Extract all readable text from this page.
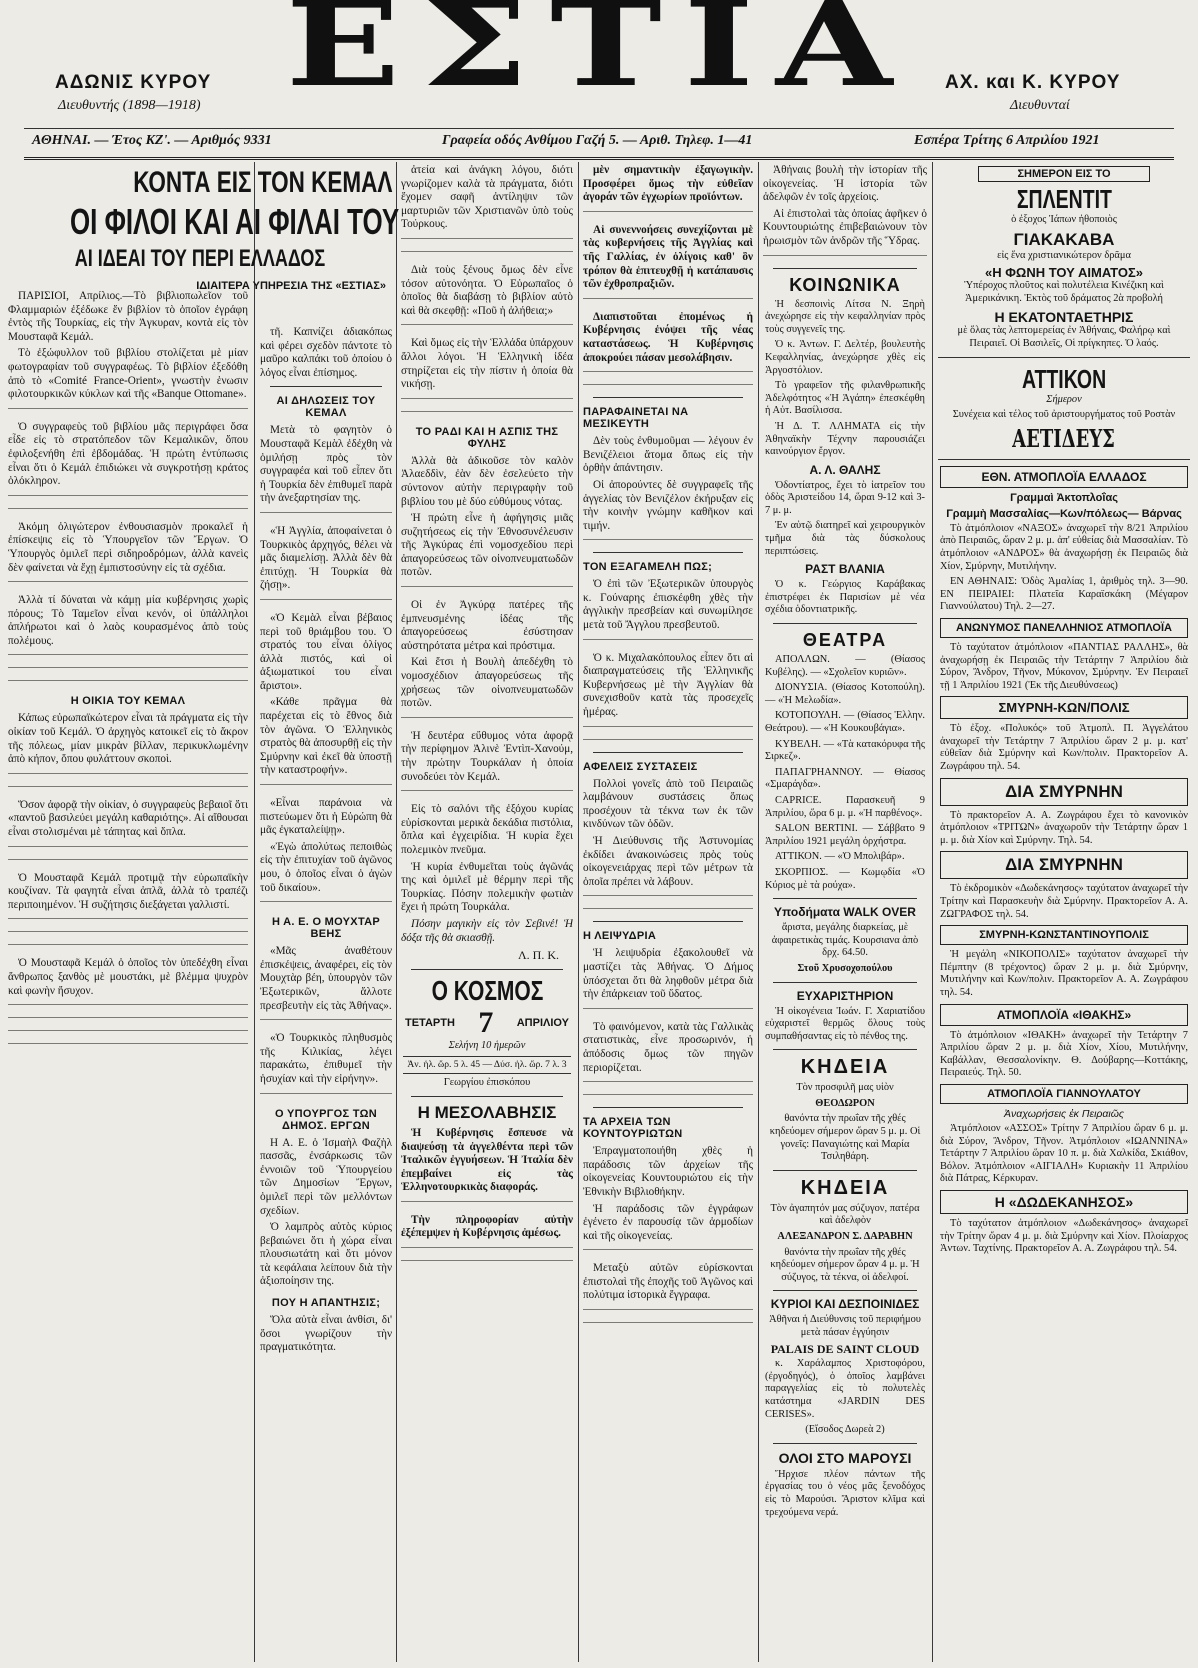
ΕΣΤΙΑ
ΑΔΩΝΙΣ ΚΥΡΟΥ
Διευθυντής (1898—1918)
ΑΧ. και Κ. ΚΥΡΟΥ
Διευθυνταί
ΑΘΗΝΑΙ. — Έτος ΚΖ'. — Αριθμός 9331	Γραφεία οδός Ανθίμου Γαζή 5. — Αριθ. Τηλεφ. 1—41	Εσπέρα Τρίτης 6 Απριλίου 1921
ΚΟΝΤΑ ΕΙΣ ΤΟΝ ΚΕΜΑΛ
ΟΙ ΦΙΛΟΙ ΚΑΙ ΑΙ ΦΙΛΑΙ ΤΟΥ
ΑΙ ΙΔΕΑΙ ΤΟΥ ΠΕΡΙ ΕΛΛΑΔΟΣ
ΙΔΙΑΙΤΕΡΑ ΥΠΗΡΕΣΙΑ ΤΗΣ «ΕΣΤΙΑΣ»

ΠΑΡΙΣΙΟΙ, Απρίλιος.—Τὸ βιβλιοπωλεῖον τοῦ Φλαμμαριὼν ἐξέδωκε ἕν βιβλίον τὸ ὁποῖον ἐγράφη ἐντὸς τῆς Τουρκίας, εἰς τὴν Ἀγκυραν, κοντὰ εἰς τὸν Μουσταφᾶ Κεμάλ.

Τὸ ἐξώφυλλον τοῦ βιβλίου στολίζεται μὲ μίαν φωτογραφίαν τοῦ συγγραφέως. Τὸ βιβλίον ἐξεδόθη ἀπὸ τὸ «Comité France-Orient», γνωστὴν ἑνωσιν φιλοτουρκικῶν κύκλων καὶ τῆς «Banque Ottomane».

Ὁ συγγραφεὺς τοῦ βιβλίου μᾶς περιγράφει ὅσα εἶδε εἰς τὸ στρατόπεδον τῶν Κεμαλικῶν, ὅπου ἐφιλοξενήθη ἐπὶ ἑβδομάδας. Ἡ πρώτη ἐντύπωσις εἶναι ὅτι ὁ Κεμάλ ἐπιδιώκει νὰ συγκροτήσῃ κράτος ὁλόκληρον.

Ἀκόμη ὀλιγώτερον ἐνθουσιασμὸν προκαλεῖ ἡ ἐπίσκεψις εἰς τὸ Ὑπουργεῖον τῶν Ἔργων. Ὁ Ὑπουργὸς ὁμιλεῖ περὶ σιδηροδρόμων, ἀλλὰ κανεὶς δὲν φαίνεται νὰ ἔχῃ ἐμπιστοσύνην εἰς τὰ σχέδια.

Ἀλλὰ τί δύναται νὰ κάμῃ μία κυβέρνησις χωρὶς πόρους; Τὸ Ταμεῖον εἶναι κενόν, οἱ ὑπάλληλοι ἀπλήρωτοι καὶ ὁ λαὸς κουρασμένος ἀπὸ τοὺς πολέμους.

Η ΟΙΚΙΑ ΤΟΥ ΚΕΜΑΛ

Κάπως εὐρωπαϊκώτερον εἶναι τὰ πράγματα εἰς τὴν οἰκίαν τοῦ Κεμάλ. Ὁ ἀρχηγὸς κατοικεῖ εἰς τὸ ἄκρον τῆς πόλεως, μίαν μικρὰν βίλλαν, περικυκλωμένην ἀπὸ κήπον, ὅπου φυλάττουν σκοποὶ.

Ὅσον ἀφορᾷ τὴν οἰκίαν, ὁ συγγραφεὺς βεβαιοῖ ὅτι «παντοῦ βασιλεύει μεγάλη καθαριότης». Αἱ αἴθουσαι εἶναι στολισμέναι μὲ τάπητας καὶ ὅπλα.

Ὁ Μουσταφᾶ Κεμάλ προτιμᾷ τὴν εὐρωπαϊκὴν κουζίναν. Τὰ φαγητὰ εἶναι ἁπλᾶ, ἀλλὰ τὸ τραπέζι περιποιημένον. Ἡ συζήτησις διεξάγεται γαλλιστί.

Ὁ Μουσταφᾶ Κεμάλ ὁ ὁποῖος τὸν ὑπεδέχθη εἶναι ἄνθρωπος ξανθὸς μὲ μουστάκι, μὲ βλέμμα ψυχρὸν καὶ φωνὴν ἥσυχον.

τῆ. Καπνίζει ἀδιακόπως καὶ φέρει σχεδὸν πάντοτε τὸ μαῦρο καλπάκι τοῦ ὁποίου ὁ λόγος εἶναι ἐπίσημος.

ΑΙ ΔΗΛΩΣΕΙΣ ΤΟΥ ΚΕΜΑΛ

Μετὰ τὸ φαγητὸν ὁ Μουσταφᾶ Κεμὰλ ἐδέχθη νὰ ὁμιλήσῃ πρὸς τὸν συγγραφέα καὶ τοῦ εἶπεν ὅτι ἡ Τουρκία δὲν ἐπιθυμεῖ παρὰ τὴν ἀνεξαρτησίαν της.

«Ἡ Ἀγγλία, ἀποφαίνεται ὁ Τουρκικὸς ἀρχηγός, θέλει νὰ μᾶς διαμελίσῃ. Ἀλλὰ δὲν θὰ ἐπιτύχῃ. Ἡ Τουρκία θὰ ζήσῃ».

«Ὁ Κεμὰλ εἶναι βέβαιος περὶ τοῦ θριάμβου του. Ὁ στρατός του εἶναι ὀλίγος ἀλλὰ πιστός, καὶ οἱ ἀξιωματικοί του εἶναι ἄριστοι».

«Κάθε πρᾶγμα θὰ παρέχεται εἰς τὸ ἔθνος διὰ τὸν ἀγῶνα. Ὁ Ἑλληνικὸς στρατὸς θὰ ἀποσυρθῇ εἰς τὴν Σμύρνην καὶ ἐκεῖ θὰ ὑποστῇ τὴν καταστροφήν».

«Εἶναι παράνοια νὰ πιστεύωμεν ὅτι ἡ Εὐρώπη θὰ μᾶς ἐγκαταλείψῃ».

«Ἐγὼ ἀπολύτως πεποιθὼς εἰς τὴν ἐπιτυχίαν τοῦ ἀγῶνος μου, ὁ ὁποῖος εἶναι ὁ ἀγὼν τοῦ δικαίου».

Η Α. Ε. Ο ΜΟΥΧΤΑΡ ΒΕΗΣ

«Μᾶς ἀναθέτουν ἐπισκέψεις, ἀναφέρει, εἰς τὸν Μουχτὰρ βέη, ὑπουργὸν τῶν Ἐξωτερικῶν, ἄλλοτε πρεσβευτὴν εἰς τὰς Ἀθήνας».

«Ὁ Τουρκικὸς πληθυσμὸς τῆς Κιλικίας, λέγει παρακάτω, ἐπιθυμεῖ τὴν ἡσυχίαν καὶ τὴν εἰρήνην».

Ο ΥΠΟΥΡΓΟΣ ΤΩΝ ΔΗΜΟΣ. ΕΡΓΩΝ

Η Α. Ε. ὁ Ἰσμαὴλ Φαζὴλ πασσᾶς, ἐνσάρκωσις τῶν ἐννοιῶν τοῦ Ὑπουργείου τῶν Δημοσίων Ἔργων, ὁμιλεῖ περὶ τῶν μελλόντων σχεδίων.

Ὁ λαμπρὸς αὐτὸς κύριος βεβαιώνει ὅτι ἡ χώρα εἶναι πλουσιωτάτη καὶ ὅτι μόνον τὰ κεφάλαια λείπουν διὰ τὴν ἀξιοποίησιν της.

ΠΟΥ Η ΑΠΑΝΤΗΣΙΣ;

Ὅλα αὐτὰ εἶναι ἀνθίσι, δι' ὅσοι γνωρίζουν τὴν πραγματικότητα.

ἀτεία καὶ ἀνάγκη λόγου, διότι γνωρίζομεν καλὰ τὰ πράγματα, διότι ἔχομεν σαφῆ ἀντίληψιν τῶν μαρτυριῶν τῶν Χριστιανῶν ὑπὸ τοὺς Τούρκους.

Διὰ τοὺς ξένους ὅμως δὲν εἶνε τόσον αὐτονόητα. Ὁ Εὐρωπαῖος ὁ ὁποῖος θὰ διαβάσῃ τὸ βιβλίον αὐτὸ καὶ θὰ σκεφθῇ: «Ποῦ ἡ ἀλήθεια;»

Καὶ ὅμως εἰς τὴν Ἑλλάδα ὑπάρχουν ἄλλοι λόγοι. Ἡ Ἑλληνικὴ ἰδέα στηρίζεται εἰς τὴν πίστιν ἡ ὁποία θὰ νικήσῃ.

ΤΟ ΡΑΔΙ ΚΑΙ Η ΑΣΠΙΣ ΤΗΣ ΦΥΛΗΣ

Ἀλλὰ θὰ ἀδικοῦσε τὸν καλὸν Ἀλαεδδὶν, ἐὰν δὲν ἐσελεύετο τὴν σύντονον αὐτὴν περιγραφὴν τοῦ βιβλίου του μὲ δύο εὐθύμους νότας.

Ἡ πρώτη εἶνε ἡ ἀφήγησις μιᾶς συζητήσεως εἰς τὴν Ἐθνοσυνέλευσιν τῆς Ἀγκύρας ἐπὶ νομοσχεδίου περὶ ἀπαγορεύσεως τῶν οἰνοπνευματωδῶν ποτῶν.

Οἱ ἐν Ἀγκύρᾳ πατέρες τῆς ἐμπνευσμένης ἰδέας τῆς ἀπαγορεύσεως ἐσύστησαν αὐστηρότατα μέτρα καὶ πρόστιμα.

Καὶ ἔτσι ἡ Βουλὴ ἀπεδέχθη τὸ νομοσχέδιον ἀπαγορεύσεως τῆς χρήσεως τῶν οἰνοπνευματωδῶν ποτῶν.

Ἡ δευτέρα εὔθυμος νότα ἀφορᾷ τὴν περίφημον Ἀλινὲ Ἐντὶπ-Χανούμ, τὴν πρώτην Τουρκάλαν ἡ ὁποία συνοδεύει τὸν Κεμάλ.

Εἰς τὸ σαλόνι τῆς ἐξόχου κυρίας εὑρίσκονται μερικὰ δεκάδια πιστόλια, ὅπλα καὶ ἐγχειρίδια. Ἡ κυρία ἔχει πολεμικὸν πνεῦμα.

Ἡ κυρία ἐνθυμεῖται τοὺς ἀγῶνάς της καὶ ὁμιλεῖ μὲ θέρμην περὶ τῆς Τουρκίας. Πόσην πολεμικὴν φωτιὰν ἔχει ἡ πρώτη Τουρκάλα.

Πόσην μαγικὴν εἰς τὸν Σεβινέ! Ἡ δόξα τῆς θὰ σκιασθῇ.

Λ. Π. Κ.
Ο ΚΟΣΜΟΣ
ΤΕΤΑΡΤΗ 7 ΑΠΡΙΛΙΟΥ
Σελήνη 10 ἡμερῶν
Ἀν. ἡλ. ὥρ. 5 λ. 45 — Δύσ. ἡλ. ὥρ. 7 λ. 3
Γεωργίου ἐπισκόπου
Η ΜΕΣΟΛΑΒΗΣΙΣ

Ἡ Κυβέρνησις ἔσπευσε νὰ διαψεύσῃ τὰ ἀγγελθέντα περὶ τῶν Ἰταλικῶν ἐγγυήσεων. Ἡ Ἰταλία δὲν ἐπεμβαίνει εἰς τὰς Ἑλληνοτουρκικὰς διαφοράς.

Τὴν πληροφορίαν αὐτὴν ἐξέπεμψεν ἡ Κυβέρνησις ἀμέσως.

μὲν σημαντικὴν ἐξαγωγικὴν. Προσφέρει ὅμως τὴν εὐθεῖαν ἀγοράν τῶν ἐγχωρίων προϊόντων.

Αἱ συνεννοήσεις συνεχίζονται μὲ τὰς κυβερνήσεις τῆς Ἀγγλίας καὶ τῆς Γαλλίας, ἐν ὀλίγοις καθ' ὃν τρόπον θὰ ἐπιτευχθῇ ἡ κατάπαυσις τῶν ἐχθροπραξιῶν.

Διαπιστοῦται ἐπομένως ἡ Κυβέρνησις ἐνόψει τῆς νέας καταστάσεως. Ἡ Κυβέρνησις ἀποκρούει πάσαν μεσολάβησιν.

ΠΑΡΑΦΑΙΝΕΤΑΙ ΝΑ ΜΕΣΙΚΕΥΤΗ

Δὲν τοὺς ἐνθυμοῦμαι — λέγουν ἐν Βενιζέλειοι ἄτομα ὅπως εἰς τὴν ὀρθὴν ἀπάντησιν.

Οἱ ἀπορούντες δὲ συγγραφεῖς τῆς ἀγγελίας τὸν Βενιζέλον ἐκήρυξαν εἰς τὴν κοινὴν γνώμην καθῆκον καὶ τιμήν.

ΤΟΝ ΕΞΑΓΑΜΕΛΗ ΠΩΣ;

Ὁ ἐπὶ τῶν Ἐξωτερικῶν ὑπουργὸς κ. Γούναρης ἐπισκέφθη χθὲς τὴν ἀγγλικὴν πρεσβείαν καὶ συνωμίλησε μετὰ τοῦ Ἄγγλου πρεσβευτοῦ.

Ὁ κ. Μιχαλακόπουλος εἶπεν ὅτι αἱ διαπραγματεύσεις τῆς Ἑλληνικῆς Κυβερνήσεως μὲ τὴν Ἀγγλίαν θὰ συνεχισθοῦν κατὰ τὰς προσεχεῖς ἡμέρας.

ΑΦΕΛΕΙΣ ΣΥΣΤΑΣΕΙΣ

Πολλοὶ γονεῖς ἀπὸ τοῦ Πειραιῶς λαμβάνουν συστάσεις ὅπως προσέχουν τὰ τέκνα των ἐκ τῶν κινδύνων τῶν ὁδῶν.

Ἡ Διεύθυνσις τῆς Ἀστυνομίας ἐκδίδει ἀνακοινώσεις πρὸς τοὺς οἰκογενειάρχας περὶ τῶν μέτρων τὰ ὁποῖα πρέπει νὰ λάβουν.

Η ΛΕΙΨΥΔΡΙΑ

Ἡ λειψυδρία ἐξακολουθεῖ νὰ μαστίζει τὰς Ἀθήνας. Ὁ Δήμος ὑπόσχεται ὅτι θὰ ληφθοῦν μέτρα διὰ τὴν ἐπάρκειαν τοῦ ὕδατος.

Τὸ φαινόμενον, κατὰ τὰς Γαλλικὰς στατιστικὰς, εἶνε προσωρινόν, ἡ ἀπόδοσις ὅμως τῶν πηγῶν περιορίζεται.

ΤΑ ΑΡΧΕΙΑ ΤΩΝ ΚΟΥΝΤΟΥΡΙΩΤΩΝ

Ἐπραγματοποιήθη χθὲς ἡ παράδοσις τῶν ἀρχείων τῆς οἰκογενείας Κουντουριώτου εἰς τὴν Ἐθνικὴν Βιβλιοθήκην.

Ἡ παράδοσις τῶν ἐγγράφων ἐγένετο ἐν παρουσίᾳ τῶν ἀρμοδίων καὶ τῆς οἰκογενείας.

Μεταξὺ αὐτῶν εὑρίσκονται ἐπιστολαὶ τῆς ἐποχῆς τοῦ Ἀγῶνος καὶ πολύτιμα ἱστορικὰ ἔγγραφα.

Ἀθήναις βουλὴ τὴν ἱστορίαν τῆς οἰκογενείας. Ἡ ἱστορία τῶν ἀδελφῶν ἐν τοῖς ἀρχείοις.

Αἱ ἐπιστολαὶ τὰς ὁποίας ἀφῆκεν ὁ Κουντουριώτης ἐπιβεβαιώνουν τὸν ἡρωισμὸν τῶν ἀνδρῶν τῆς Ὕδρας.

ΚΟΙΝΩΝΙΚΑ

Ἡ δεσποινὶς Λίτσα Ν. Ξηρὴ ἀνεχώρησε εἰς τὴν κεφαλληνίαν πρὸς τοὺς συγγενεῖς της.

Ὁ κ. Ἀντων. Γ. Δελτέρ, βουλευτὴς Κεφαλληνίας, ἀνεχώρησε χθὲς εἰς Ἀργοστόλιον.

Τὸ γραφεῖον τῆς φιλανθρωπικῆς Ἀδελφότητος «Ἡ Ἀγάπη» ἐπεσκέφθη ἡ Αὐτ. Βασίλισσα.

Ἡ Δ. Τ. ΛΛΗΜΑΤΑ εἰς τὴν Ἀθηναϊκὴν Τέχνην παρουσιάζει καινούργιον ἔργον.

Α. Λ. ΘΑΛΗΣ

Ὀδοντίατρος, ἔχει τὸ ἰατρεῖον του ὁδὸς Ἀριστείδου 14, ὥραι 9-12 καὶ 3-7 μ. μ.

Ἐν αὐτῷ διατηρεῖ καὶ χειρουργικὸν τμῆμα διὰ τὰς δύσκολους περιπτώσεις.

ΡΑΣΤ ΒΛΑΝΙΑ

Ὁ κ. Γεώργιος Καράβακας ἐπιστρέφει ἐκ Παρισίων μὲ νέα σχέδια ὁδοντιατρικῆς.

ΘΕΑΤΡΑ

ΑΠΟΛΛΩΝ. — (Θίασος Κυβέλης). — «Σχολεῖον κυριῶν».

ΔΙΟΝΥΣΙΑ. (Θίασος Κοτοπούλη). — «Ἡ Μελωδία».

ΚΟΤΟΠΟΥΛΗ. — (Θίασος Ἑλλην. Θεάτρου). — «Ἡ Κουκουβάγια».

ΚΥΒΕΛΗ. — «Τὰ κατακόρυφα τῆς Σιρκεζ».

ΠΑΠΑΓΡΗΑΝΝΟΥ. — Θίασος «Σμαράγδα».

CAPRICE. Παρασκευῆ 9 Ἀπριλίου, ὥρα 6 μ. μ. «Ἡ παρθένος».

SALON BERTINI. — Σάββατο 9 Ἀπριλίου 1921 μεγάλη ὀρχήστρα.

ΑΤΤΙΚΟΝ. — «Ὁ Μπολιβάρ».

ΣΚΟΡΠΙΟΣ. — Κωμῳδία «Ὁ Κύριος μὲ τὰ ρούχα».

Υποδήματα WALK OVER

ἄριστα, μεγάλης διαρκείας, μὲ ἀφαιρετικὰς τιμάς. Κουρσιανα ἀπὸ δρχ. 64.50.

Στοῦ Χρυσοχοπούλου

ΕΥΧΑΡΙΣΤΗΡΙΟΝ

Ἡ οἰκογένεια Ἰωάν. Γ. Χαριατίδου εὐχαριστεῖ θερμῶς ὅλους τοὺς συμπαθήσαντας εἰς τὸ πένθος της.

ΚΗΔΕΙΑ

Τὸν προσφιλῆ μας υἱὸν

ΘΕΟΔΩΡΟΝ

θανόντα τὴν πρωΐαν τῆς χθές κηδεύομεν σήμερον ὥραν 5 μ. μ. Οἱ γονεῖς: Παναγιώτης καὶ Μαρία Τσιληθάρη.

ΚΗΔΕΙΑ

Τὸν ἀγαπητόν μας σύζυγον, πατέρα καὶ ἀδελφὸν

ΑΛΕΞΑΝΔΡΟΝ Σ. ΔΑΡΑΒΗΝ

θανόντα τὴν πρωΐαν τῆς χθές κηδεύομεν σήμερον ὥραν 4 μ. μ. Ἡ σύζυγος, τὰ τέκνα, οἱ ἀδελφοί.

ΚΥΡΙΟΙ ΚΑΙ ΔΕΣΠΟΙΝΙΔΕΣ

Ἀθῆναι ἡ Διεύθυνσις τοῦ περιφήμου μετὰ πάσαν ἐγγύησιν

PALAIS DE SAINT CLOUD

κ. Χαράλαμπος Χριστοφόρου, (ἐργοδηγός), ὁ ὁποῖος λαμβάνει παραγγελίας εἰς τὸ πολυτελὲς κατάστημα «JARDIN DES CERISES».

(Εἴσοδος Δωρεὰ 2)

ΟΛΟΙ ΣΤΟ ΜΑΡΟΥΣΙ

Ἤρχισε πλέον πάντων τῆς ἐργασίας του ὁ νέος μᾶς ξενοδόχος εἰς τὸ Μαρούσι. Ἄριστον κλῖμα καὶ τρεχούμενα νερά.

ΣΗΜΕΡΟΝ ΕΙΣ ΤΟ
ΣΠΛΕΝΤΙΤ

ὁ ἐξοχος Ἰάπων ἠθοποιὸς

ΓΙΑΚΑΚΑΒΑ

εἰς ἕνα χριστιανικώτερον δρᾶμα

«Η ΦΩΝΗ ΤΟΥ ΑΙΜΑΤΟΣ»

Ὑπέροχος πλοῦτος καὶ πολυτέλεια Κινέζικη καὶ Ἀμερικάνικη. Ἐκτὸς τοῦ δράματος 2ὰ προβολή

Η ΕΚΑΤΟΝΤΑΕΤΗΡΙΣ

μὲ ὅλας τὰς λεπτομερείας ἐν Ἀθήναις, Φαλήρῳ καὶ Πειραιεῖ. Οἱ Βασιλεῖς, Οἱ πρίγκηπες. Ὁ λαός.

ΑΤΤΙΚΟΝ

Σήμερον

Συνέχεια καὶ τέλος τοῦ ἀριστουργήματος τοῦ Ροστὰν

ΑΕΤΙΔΕΥΣ
ΕΘΝ. ΑΤΜΟΠΛΟΪΑ ΕΛΛΑΔΟΣ
Γραμμαὶ Ἀκτοπλοΐας
Γραμμὴ Μασσαλίας—Κων/πόλεως— Βάρνας

Τὸ ἀτμόπλοιον «ΝΑΞΟΣ» ἀναχωρεῖ τὴν 8/21 Ἀπριλίου ἀπὸ Πειραιῶς, ὥραν 2 μ. μ. ἀπ' εὐθείας διὰ Μασσαλίαν. Τὸ ἀτμόπλοιον «ΑΝΔΡΟΣ» θὰ ἀναχωρήσῃ ἐκ Πειραιῶς διὰ Χίον, Σμύρνην, Μυτιλήνην.

ΕΝ ΑΘΗΝΑΙΣ: Ὁδὸς Ἀμαλίας 1, ἀριθμὸς τηλ. 3—90. ΕΝ ΠΕΙΡΑΙΕΙ: Πλατεῖα Καραϊσκάκη (Μέγαρον Γιαννούλατου) Τηλ. 2—27.

ΑΝΩΝΥΜΟΣ ΠΑΝΕΛΛΗΝΙΟΣ ΑΤΜΟΠΛΟΪΑ

Τὸ ταχύτατον ἀτμόπλοιον «ΠΑΝΤΙΑΣ ΡΑΛΛΗΣ», θὰ ἀναχωρήσῃ ἐκ Πειραιῶς τὴν Τετάρτην 7 Ἀπριλίου διὰ Σύρον, Ἄνδρον, Τῆνον, Μύκονον, Σμύρνην. Ἐν Πειραιεῖ τῇ 1 Ἀπριλίου 1921 (Ἐκ τῆς Διευθύνσεως)

ΣΜΥΡΝΗ-ΚΩΝ/ΠΟΛΙΣ

Τὸ ἐξοχ. «Πολυκός» τοῦ Ἀτμοπλ. Π. Ἀγγελάτου ἀναχωρεῖ τὴν Τετάρτην 7 Ἀπριλίου ὥραν 2 μ. μ. κατ' εὐθεῖαν διὰ Σμύρνην καὶ Κων/πολιν. Πρακτορεῖον Α. Ζωγράφου τηλ. 54.

ΔΙΑ ΣΜΥΡΝΗΝ

Τὸ πρακτορεῖον Α. Α. Ζωγράφου ἔχει τὸ κανονικὸν ἀτμόπλοιον «ΤΡΙΤΩΝ» ἀναχωροῦν τὴν Τετάρτην ὥραν 1 μ. μ. διὰ Χίον καὶ Σμύρνην. Τηλ. 54.

ΔΙΑ ΣΜΥΡΝΗΝ

Τὸ ἐκδρομικὸν «Δωδεκάνησος» ταχύτατον ἀναχωρεῖ τὴν Τρίτην καὶ Παρασκευὴν διὰ Σμύρνην. Πρακτορεῖον Α. Α. ΖΩΓΡΑΦΟΣ τηλ. 54.

ΣΜΥΡΝΗ-ΚΩΝΣΤΑΝΤΙΝΟΥΠΟΛΙΣ

Ἡ μεγάλη «ΝΙΚΟΠΟΛΙΣ» ταχύτατον ἀναχωρεῖ τὴν Πέμπτην (8 τρέχοντος) ὥραν 2 μ. μ. διὰ Σμύρνην, Μυτιλήνην καὶ Κων/πολιν. Πρακτορεῖον Α. Α. Ζωγράφου τηλ. 54.

ΑΤΜΟΠΛΟΪΑ «ΙΘΑΚΗΣ»

Τὸ ἀτμόπλοιον «ΙΘΑΚΗ» ἀναχωρεῖ τὴν Τετάρτην 7 Ἀπριλίου ὥραν 2 μ. μ. διὰ Χίον, Χίου, Μυτιλήνην, Καβάλλαν, Θεσσαλονίκην. Θ. Δούβαρης—Κοττάκης, Πειραιεύς. Τηλ. 50.

ΑΤΜΟΠΛΟΪΑ ΓΙΑΝΝΟΥΛΑΤΟΥ
Ἀναχωρήσεις ἐκ Πειραιῶς

Ἀτμόπλοιον «ΑΣΣΟΣ» Τρίτην 7 Ἀπριλίου ὥραν 6 μ. μ. διὰ Σύρον, Ἄνδρον, Τῆνον. Ἀτμόπλοιον «ΙΩΑΝΝΙΝΑ» Τετάρτην 7 Ἀπριλίου ὥραν 10 π. μ. διὰ Χαλκίδα, Σκιάθον, Βόλον. Ἀτμόπλοιον «ΑΙΓΙΑΛΗ» Κυριακὴν 11 Ἀπριλίου διὰ Πάτρας, Κέρκυραν.

Η «ΔΩΔΕΚΑΝΗΣΟΣ»

Τὸ ταχύτατον ἀτμόπλοιον «Δωδεκάνησος» ἀναχωρεῖ τὴν Τρίτην ὥραν 4 μ. μ. διὰ Σμύρνην καὶ Χίον. Πλοίαρχος Ἀντων. Ταχτίνης. Πρακτορεῖον Α. Α. Ζωγράφου τηλ. 54.
